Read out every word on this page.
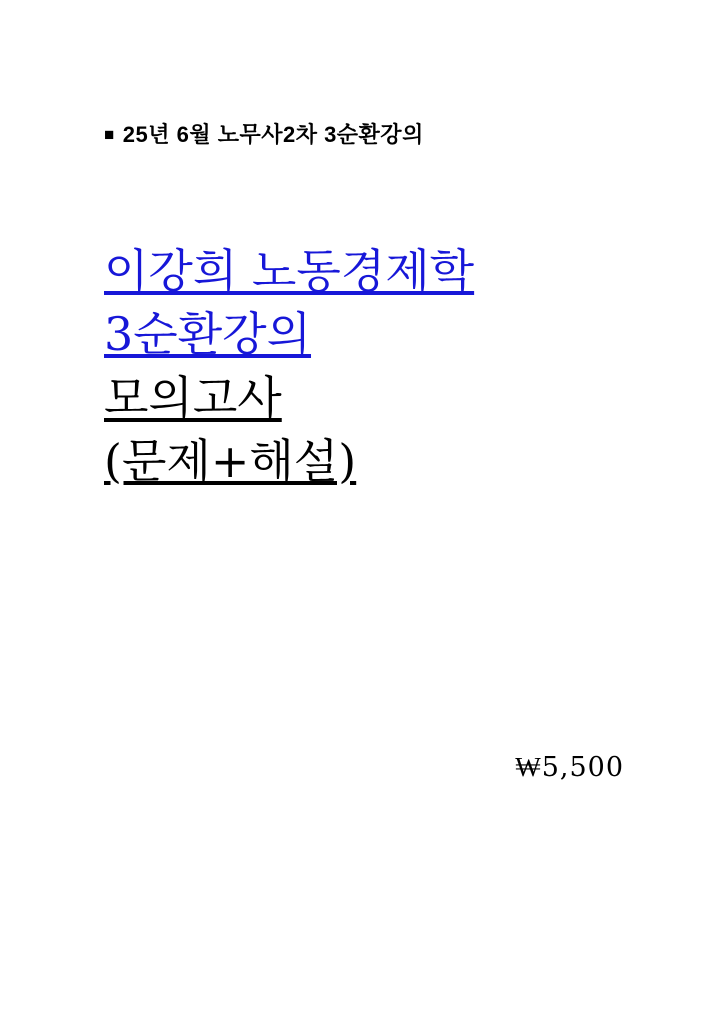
■ 25년 6월 노무사2차 3순환강의
이강희 노동경제학
3순환강의
모의고사
(문제+해설)
₩5,500
